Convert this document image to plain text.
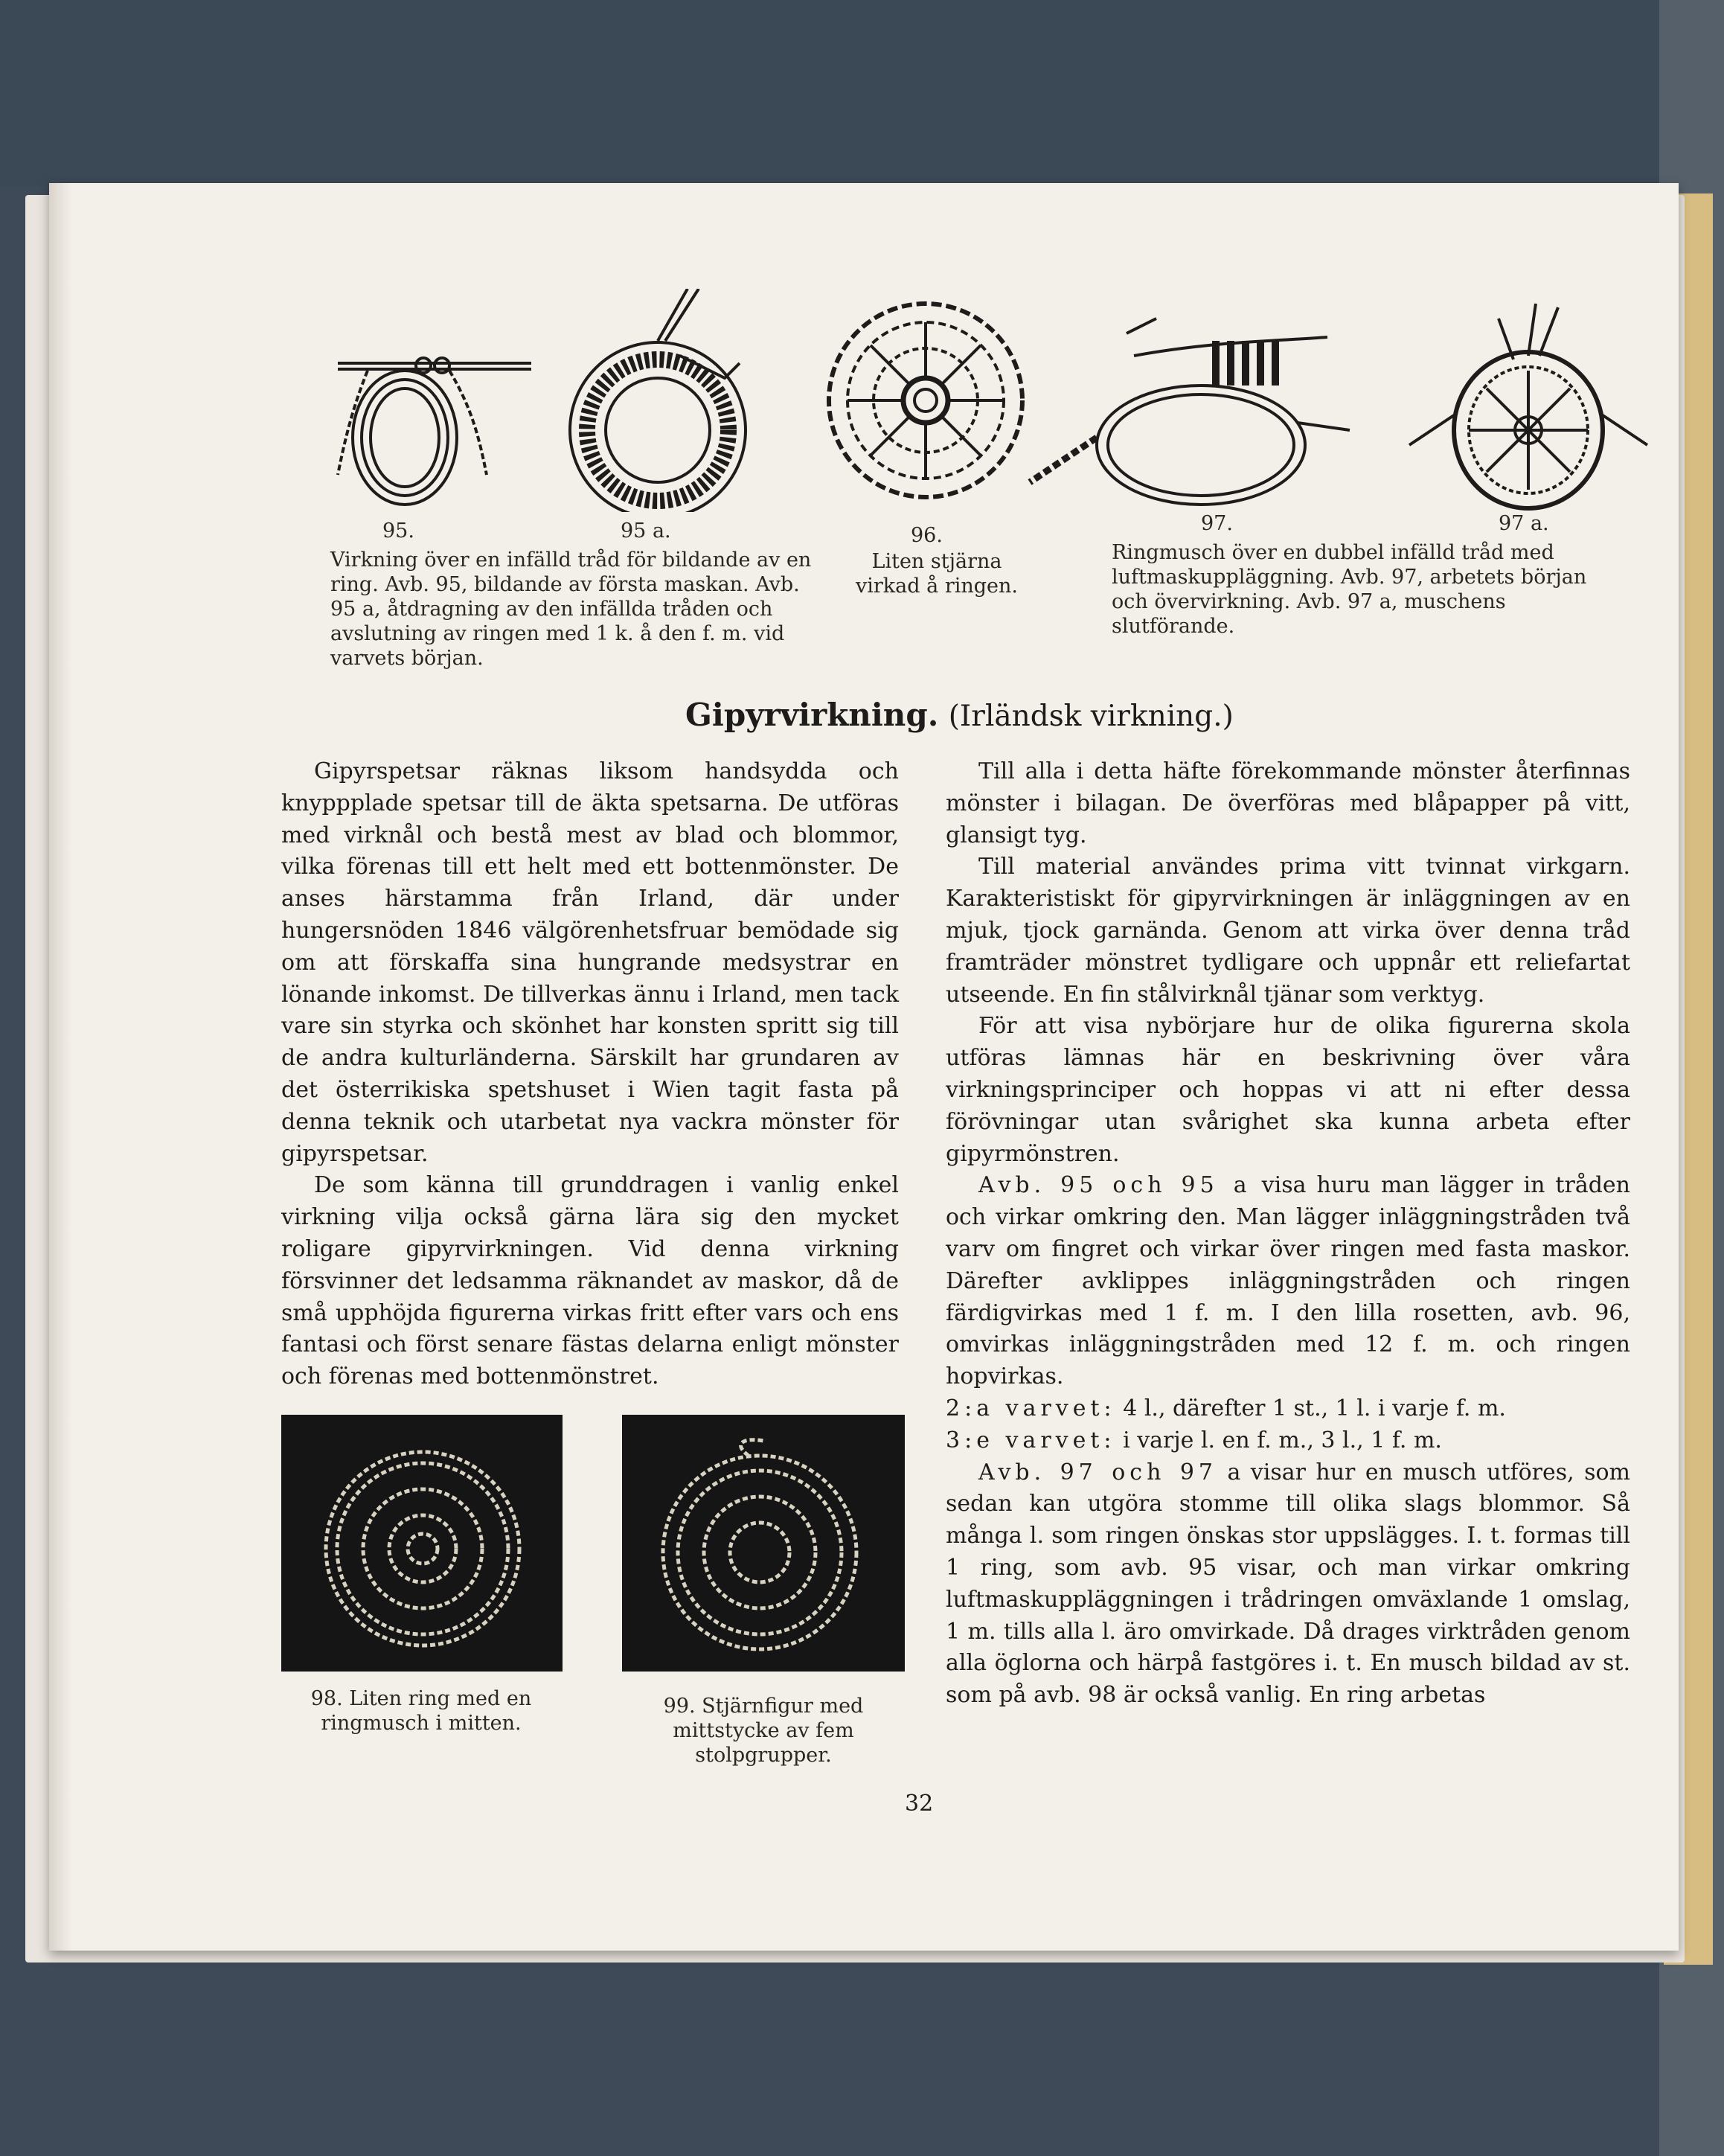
95.	95 a.
Virkning över en infälld tråd för bildande av en ring. Avb. 95, bildande av första maskan. Avb. 95 a, åtdragning av den infällda tråden och avslutning av ringen med 1 k. å den f. m. vid varvets början.
96.
Liten stjärna virkad å ringen.
97.	97 a.
Ringmusch över en dubbel infälld tråd med luftmaskuppläggning. Avb. 97, arbetets början och övervirkning. Avb. 97 a, muschens slutförande.
Gipyrvirkning. (Irländsk virkning.)

Gipyrspetsar räknas liksom handsydda och knyppplade spetsar till de äkta spetsarna. De utföras med virknål och bestå mest av blad och blommor, vilka förenas till ett helt med ett bottenmönster. De anses härstamma från Irland, där under hungersnöden 1846 välgörenhetsfruar bemödade sig om att förskaffa sina hungrande medsystrar en lönande inkomst. De tillverkas ännu i Irland, men tack vare sin styrka och skönhet har konsten spritt sig till de andra kulturländerna. Särskilt har grundaren av det österrikiska spetshuset i Wien tagit fasta på denna teknik och utarbetat nya vackra mönster för gipyrspetsar.

De som känna till grunddragen i vanlig enkel virkning vilja också gärna lära sig den mycket roligare gipyrvirkningen. Vid denna virkning försvinner det ledsamma räknandet av maskor, då de små upphöjda figurerna virkas fritt efter vars och ens fantasi och först senare fästas delarna enligt mönster och förenas med bottenmönstret.

Till alla i detta häfte förekommande mönster återfinnas mönster i bilagan. De överföras med blåpapper på vitt, glansigt tyg.

Till material användes prima vitt tvinnat virkgarn. Karakteristiskt för gipyrvirkningen är inläggningen av en mjuk, tjock garnända. Genom att virka över denna tråd framträder mönstret tydligare och uppnår ett reliefartat utseende. En fin stålvirknål tjänar som verktyg.

För att visa nybörjare hur de olika figurerna skola utföras lämnas här en beskrivning över våra virkningsprinciper och hoppas vi att ni efter dessa förövningar utan svårighet ska kunna arbeta efter gipyrmönstren.

Avb. 95 och 95 a visa huru man lägger in tråden och virkar omkring den. Man lägger inläggningstråden två varv om fingret och virkar över ringen med fasta maskor. Därefter avklippes inläggningstråden och ringen färdigvirkas med 1 f. m. I den lilla rosetten, avb. 96, omvirkas inläggningstråden med 12 f. m. och ringen hopvirkas.

2:a varvet: 4 l., därefter 1 st., 1 l. i varje f. m.

3:e varvet: i varje l. en f. m., 3 l., 1 f. m.

Avb. 97 och 97 a visar hur en musch utföres, som sedan kan utgöra stomme till olika slags blommor. Så många l. som ringen önskas stor uppslägges. I. t. formas till 1 ring, som avb. 95 visar, och man virkar omkring luftmaskuppläggningen i trådringen omväxlande 1 omslag, 1 m. tills alla l. äro omvirkade. Då drages virktråden genom alla öglorna och härpå fastgöres i. t. En musch bildad av st. som på avb. 98 är också vanlig. En ring arbetas

98. Liten ring med en ringmusch i mitten.
99. Stjärnfigur med mittstycke av fem stolpgrupper.
32
